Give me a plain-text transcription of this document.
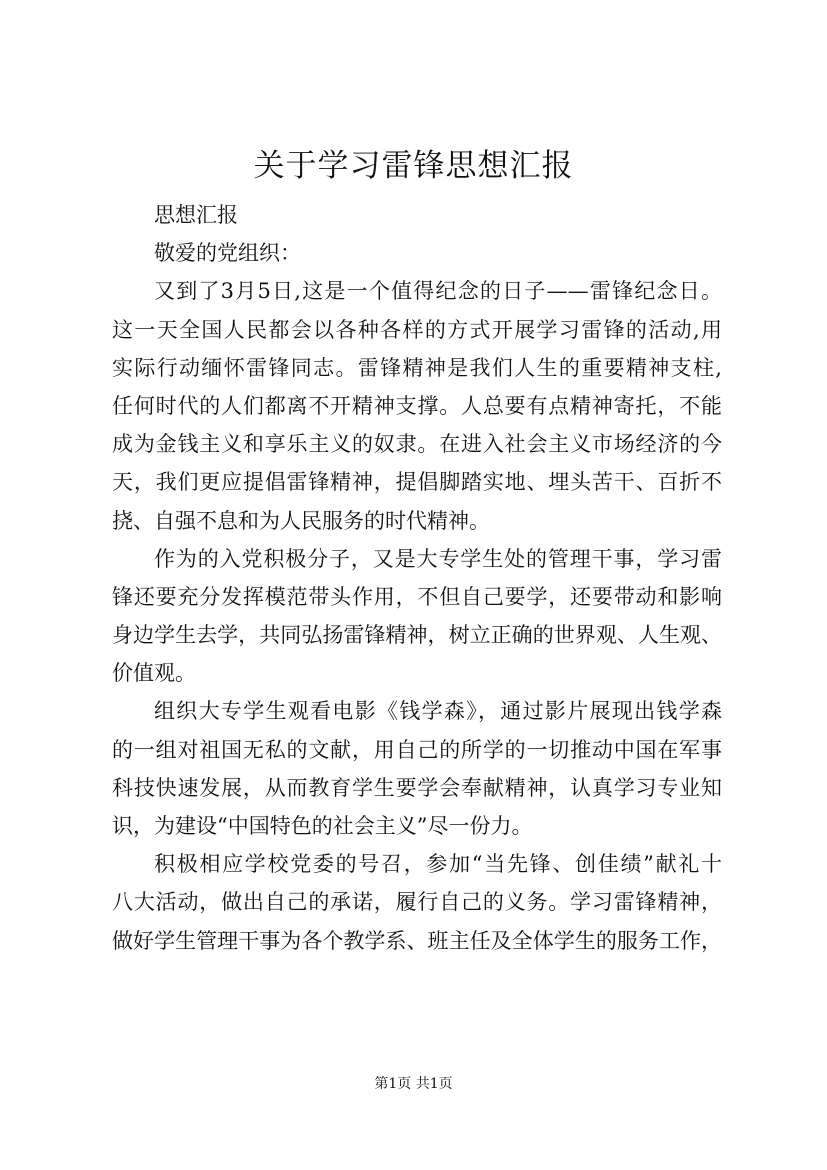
关于学习雷锋思想汇报
思想汇报
敬爱的党组织：
又到了3月5日,这是一个值得纪念的日子——雷锋纪念日。
这一天全国人民都会以各种各样的方式开展学习雷锋的活动,用
实际行动缅怀雷锋同志。雷锋精神是我们人生的重要精神支柱,
任何时代的人们都离不开精神支撑。人总要有点精神寄托，不能
成为金钱主义和享乐主义的奴隶。在进入社会主义市场经济的今
天，我们更应提倡雷锋精神，提倡脚踏实地、埋头苦干、百折不
挠、自强不息和为人民服务的时代精神。
作为的入党积极分子，又是大专学生处的管理干事，学习雷
锋还要充分发挥模范带头作用，不但自己要学，还要带动和影响
身边学生去学，共同弘扬雷锋精神，树立正确的世界观、人生观、
价值观。
组织大专学生观看电影《钱学森》，通过影片展现出钱学森
的一组对祖国无私的文献，用自己的所学的一切推动中国在军事
科技快速发展，从而教育学生要学会奉献精神，认真学习专业知
识，为建设“中国特色的社会主义”尽一份力。
积极相应学校党委的号召，参加“当先锋、创佳绩”献礼十
八大活动，做出自己的承诺，履行自己的义务。学习雷锋精神，
做好学生管理干事为各个教学系、班主任及全体学生的服务工作，
第1页 共1页
